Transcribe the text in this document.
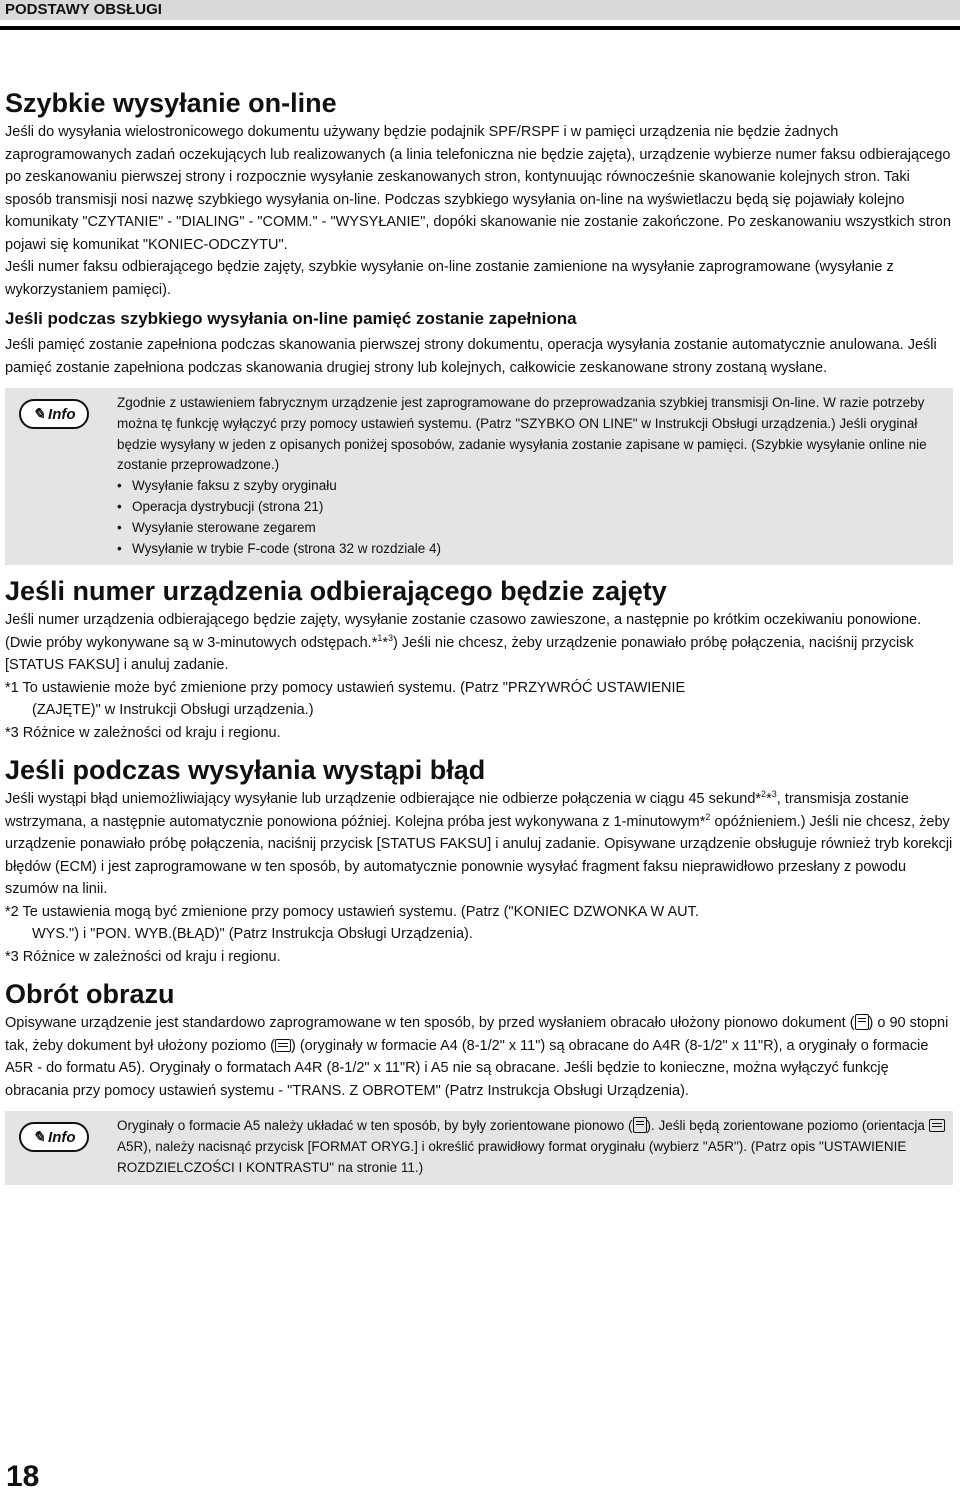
PODSTAWY OBSŁUGI
Szybkie wysyłanie on-line

Jeśli do wysyłania wielostronicowego dokumentu używany będzie podajnik SPF/RSPF i w pamięci urządzenia nie będzie żadnych zaprogramowanych zadań oczekujących lub realizowanych (a linia telefoniczna nie będzie zajęta), urządzenie wybierze numer faksu odbierającego po zeskanowaniu pierwszej strony i rozpocznie wysyłanie zeskanowanych stron, kontynuując równocześnie skanowanie kolejnych stron. Taki sposób transmisji nosi nazwę szybkiego wysyłania on-line. Podczas szybkiego wysyłania on-line na wyświetlaczu będą się pojawiały kolejno komunikaty "CZYTANIE" - "DIALING" - "COMM." - "WYSYŁANIE", dopóki skanowanie nie zostanie zakończone. Po zeskanowaniu wszystkich stron pojawi się komunikat "KONIEC-ODCZYTU".

Jeśli numer faksu odbierającego będzie zajęty, szybkie wysyłanie on-line zostanie zamienione na wysyłanie zaprogramowane (wysyłanie z wykorzystaniem pamięci).

Jeśli podczas szybkiego wysyłania on-line pamięć zostanie zapełniona

Jeśli pamięć zostanie zapełniona podczas skanowania pierwszej strony dokumentu, operacja wysyłania zostanie automatycznie anulowana. Jeśli pamięć zostanie zapełniona podczas skanowania drugiej strony lub kolejnych, całkowicie zeskanowane strony zostaną wysłane.

✎ Info
Zgodnie z ustawieniem fabrycznym urządzenie jest zaprogramowane do przeprowadzania szybkiej transmisji On-line. W razie potrzeby można tę funkcję wyłączyć przy pomocy ustawień systemu. (Patrz "SZYBKO ON LINE" w Instrukcji Obsługi urządzenia.) Jeśli oryginał będzie wysyłany w jeden z opisanych poniżej sposobów, zadanie wysyłania zostanie zapisane w pamięci. (Szybkie wysyłanie online nie zostanie przeprowadzone.)
• Wysyłanie faksu z szyby oryginału
• Operacja dystrybucji (strona 21)
• Wysyłanie sterowane zegarem
• Wysyłanie w trybie F-code (strona 32 w rozdziale 4)
Jeśli numer urządzenia odbierającego będzie zajęty

Jeśli numer urządzenia odbierającego będzie zajęty, wysyłanie zostanie czasowo zawieszone, a następnie po krótkim oczekiwaniu ponowione. (Dwie próby wykonywane są w 3-minutowych odstępach.*$^1$*$^3$) Jeśli nie chcesz, żeby urządzenie ponawiało próbę połączenia, naciśnij przycisk [STATUS FAKSU] i anuluj zadanie.

*1 To ustawienie może być zmienione przy pomocy ustawień systemu. (Patrz "PRZYWRÓĆ USTAWIENIE
(ZAJĘTE)" w Instrukcji Obsługi urządzenia.)
*3 Różnice w zależności od kraju i regionu.
Jeśli podczas wysyłania wystąpi błąd

Jeśli wystąpi błąd uniemożliwiający wysyłanie lub urządzenie odbierające nie odbierze połączenia w ciągu 45 sekund*$^2$*$^3$, transmisja zostanie wstrzymana, a następnie automatycznie ponowiona później. Kolejna próba jest wykonywana z 1-minutowym*$^2$ opóźnieniem.) Jeśli nie chcesz, żeby urządzenie ponawiało próbę połączenia, naciśnij przycisk [STATUS FAKSU] i anuluj zadanie. Opisywane urządzenie obsługuje również tryb korekcji błędów (ECM) i jest zaprogramowane w ten sposób, by automatycznie ponownie wysyłać fragment faksu nieprawidłowo przesłany z powodu szumów na linii.

*2 Te ustawienia mogą być zmienione przy pomocy ustawień systemu. (Patrz ("KONIEC DZWONKA W AUT.
WYS.") i "PON. WYB.(BŁĄD)" (Patrz Instrukcja Obsługi Urządzenia).
*3 Różnice w zależności od kraju i regionu.
Obrót obrazu

Opisywane urządzenie jest standardowo zaprogramowane w ten sposób, by przed wysłaniem obracało ułożony pionowo dokument ( ) o 90 stopni tak, żeby dokument był ułożony poziomo ( ) (oryginały w formacie A4 (8-1/2" x 11") są obracane do A4R (8-1/2" x 11"R), a oryginały o formacie A5R - do formatu A5). Oryginały o formatach A4R (8-1/2" x 11"R) i A5 nie są obracane. Jeśli będzie to konieczne, można wyłączyć funkcję obracania przy pomocy ustawień systemu - "TRANS. Z OBROTEM" (Patrz Instrukcja Obsługi Urządzenia).

✎ Info
Oryginały o formacie A5 należy układać w ten sposób, by były zorientowane pionowo ( ). Jeśli będą zorientowane poziomo (orientacja  A5R), należy nacisnąć przycisk [FORMAT ORYG.] i określić prawidłowy format oryginału (wybierz "A5R"). (Patrz opis "USTAWIENIE ROZDZIELCZOŚCI I KONTRASTU" na stronie 11.)
18
